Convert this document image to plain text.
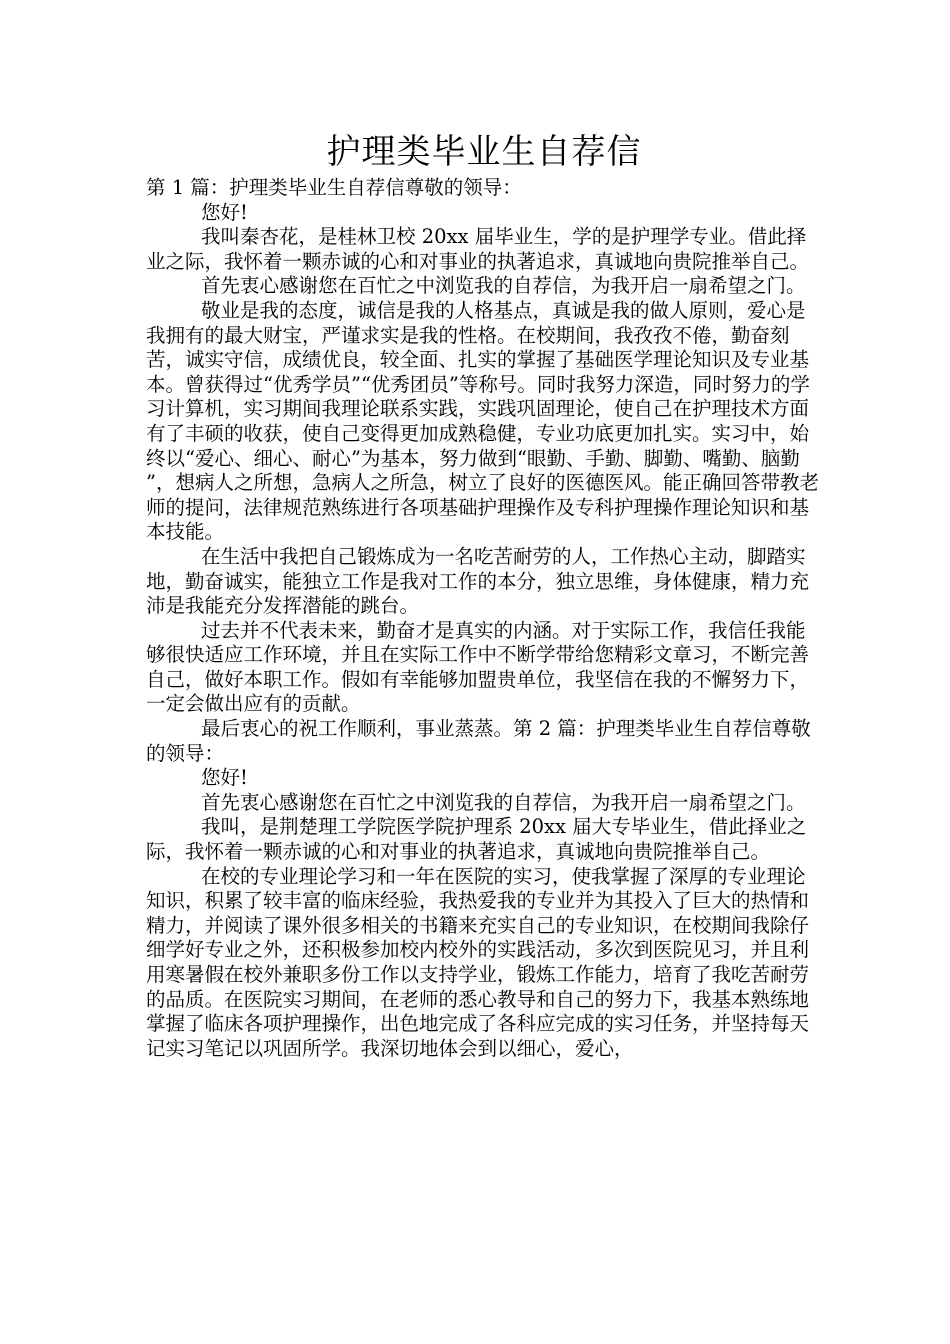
护理类毕业生自荐信

第 1 篇：护理类毕业生自荐信尊敬的领导：

您好!

我叫秦杏花，是桂林卫校 20xx 届毕业生，学的是护理学专业。借此择业之际，我怀着一颗赤诚的心和对事业的执著追求，真诚地向贵院推举自己。

首先衷心感谢您在百忙之中浏览我的自荐信，为我开启一扇希望之门。

敬业是我的态度，诚信是我的人格基点，真诚是我的做人原则，爱心是我拥有的最大财宝，严谨求实是我的性格。在校期间，我孜孜不倦，勤奋刻苦，诚实守信，成绩优良，较全面、扎实的掌握了基础医学理论知识及专业基本。曾获得过“优秀学员”“优秀团员”等称号。同时我努力深造，同时努力的学习计算机，实习期间我理论联系实践，实践巩固理论，使自己在护理技术方面有了丰硕的收获，使自己变得更加成熟稳健，专业功底更加扎实。实习中，始终以“爱心、细心、耐心”为基本，努力做到“眼勤、手勤、脚勤、嘴勤、脑勤 ”，想病人之所想，急病人之所急，树立了良好的医德医风。能正确回答带教老师的提问，法律规范熟练进行各项基础护理操作及专科护理操作理论知识和基本技能。

在生活中我把自己锻炼成为一名吃苦耐劳的人，工作热心主动，脚踏实地，勤奋诚实，能独立工作是我对工作的本分，独立思维，身体健康，精力充沛是我能充分发挥潜能的跳台。

过去并不代表未来，勤奋才是真实的内涵。对于实际工作，我信任我能够很快适应工作环境，并且在实际工作中不断学带给您精彩文章习，不断完善自己，做好本职工作。假如有幸能够加盟贵单位，我坚信在我的不懈努力下，一定会做出应有的贡献。

最后衷心的祝工作顺利，事业蒸蒸。第 2 篇：护理类毕业生自荐信尊敬的领导：

您好!

首先衷心感谢您在百忙之中浏览我的自荐信，为我开启一扇希望之门。

我叫，是荆楚理工学院医学院护理系 20xx 届大专毕业生，借此择业之际，我怀着一颗赤诚的心和对事业的执著追求，真诚地向贵院推举自己。

在校的专业理论学习和一年在医院的实习，使我掌握了深厚的专业理论知识，积累了较丰富的临床经验，我热爱我的专业并为其投入了巨大的热情和精力，并阅读了课外很多相关的书籍来充实自己的专业知识，在校期间我除仔细学好专业之外，还积极参加校内校外的实践活动，多次到医院见习，并且利用寒暑假在校外兼职多份工作以支持学业，锻炼工作能力，培育了我吃苦耐劳的品质。在医院实习期间，在老师的悉心教导和自己的努力下，我基本熟练地掌握了临床各项护理操作，出色地完成了各科应完成的实习任务，并坚持每天记实习笔记以巩固所学。我深切地体会到以细心，爱心，
